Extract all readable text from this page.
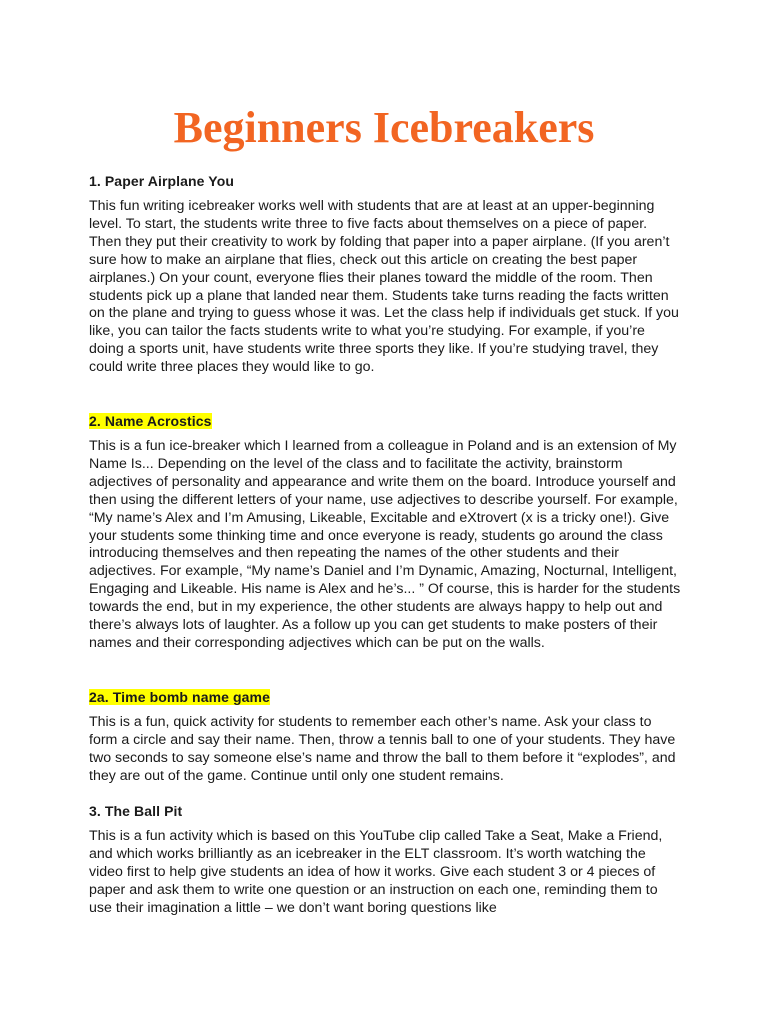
Beginners Icebreakers
1. Paper Airplane You

This fun writing icebreaker works well with students that are at least at an upper-beginning level. To start, the students write three to five facts about themselves on a piece of paper. Then they put their creativity to work by folding that paper into a paper airplane. (If you aren’t sure how to make an airplane that flies, check out this article on creating the best paper airplanes.) On your count, everyone flies their planes toward the middle of the room. Then students pick up a plane that landed near them. Students take turns reading the facts written on the plane and trying to guess whose it was. Let the class help if individuals get stuck. If you like, you can tailor the facts students write to what you’re studying. For example, if you’re doing a sports unit, have students write three sports they like. If you’re studying travel, they could write three places they would like to go.

2. Name Acrostics

This is a fun ice-breaker which I learned from a colleague in Poland and is an extension of My Name Is... Depending on the level of the class and to facilitate the activity, brainstorm adjectives of personality and appearance and write them on the board. Introduce yourself and then using the different letters of your name, use adjectives to describe yourself. For example, “My name’s Alex and I’m Amusing, Likeable, Excitable and eXtrovert (x is a tricky one!). Give your students some thinking time and once everyone is ready, students go around the class introducing themselves and then repeating the names of the other students and their adjectives. For example, “My name’s Daniel and I’m Dynamic, Amazing, Nocturnal, Intelligent, Engaging and Likeable. His name is Alex and he’s... ” Of course, this is harder for the students towards the end, but in my experience, the other students are always happy to help out and there’s always lots of laughter. As a follow up you can get students to make posters of their names and their corresponding adjectives which can be put on the walls.

2a. Time bomb name game

This is a fun, quick activity for students to remember each other’s name. Ask your class to form a circle and say their name. Then, throw a tennis ball to one of your students. They have two seconds to say someone else’s name and throw the ball to them before it “explodes”, and they are out of the game. Continue until only one student remains.

3. The Ball Pit

This is a fun activity which is based on this YouTube clip called Take a Seat, Make a Friend, and which works brilliantly as an icebreaker in the ELT classroom. It’s worth watching the video first to help give students an idea of how it works. Give each student 3 or 4 pieces of paper and ask them to write one question or an instruction on each one, reminding them to use their imagination a little – we don’t want boring questions like
